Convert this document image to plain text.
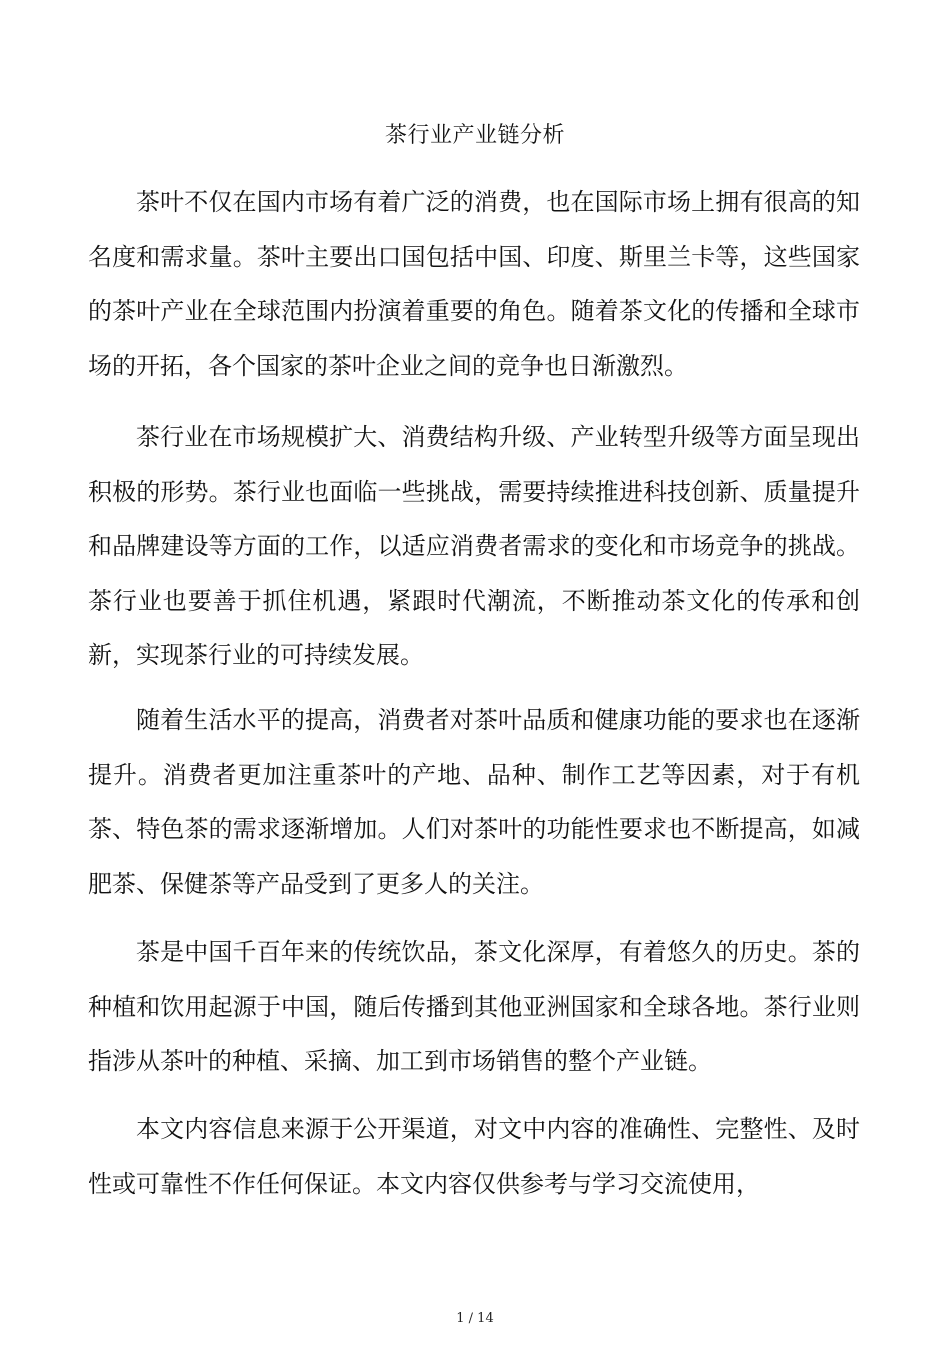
茶行业产业链分析

茶叶不仅在国内市场有着广泛的消费，也在国际市场上拥有很高的知名度和需求量。茶叶主要出口国包括中国、印度、斯里兰卡等，这些国家的茶叶产业在全球范围内扮演着重要的角色。随着茶文化的传播和全球市场的开拓，各个国家的茶叶企业之间的竞争也日渐激烈。

茶行业在市场规模扩大、消费结构升级、产业转型升级等方面呈现出积极的形势。茶行业也面临一些挑战，需要持续推进科技创新、质量提升和品牌建设等方面的工作，以适应消费者需求的变化和市场竞争的挑战。茶行业也要善于抓住机遇，紧跟时代潮流，不断推动茶文化的传承和创新，实现茶行业的可持续发展。

随着生活水平的提高，消费者对茶叶品质和健康功能的要求也在逐渐提升。消费者更加注重茶叶的产地、品种、制作工艺等因素，对于有机茶、特色茶的需求逐渐增加。人们对茶叶的功能性要求也不断提高，如减肥茶、保健茶等产品受到了更多人的关注。

茶是中国千百年来的传统饮品，茶文化深厚，有着悠久的历史。茶的种植和饮用起源于中国，随后传播到其他亚洲国家和全球各地。茶行业则指涉从茶叶的种植、采摘、加工到市场销售的整个产业链。

本文内容信息来源于公开渠道，对文中内容的准确性、完整性、及时性或可靠性不作任何保证。本文内容仅供参考与学习交流使用，

1 / 14
